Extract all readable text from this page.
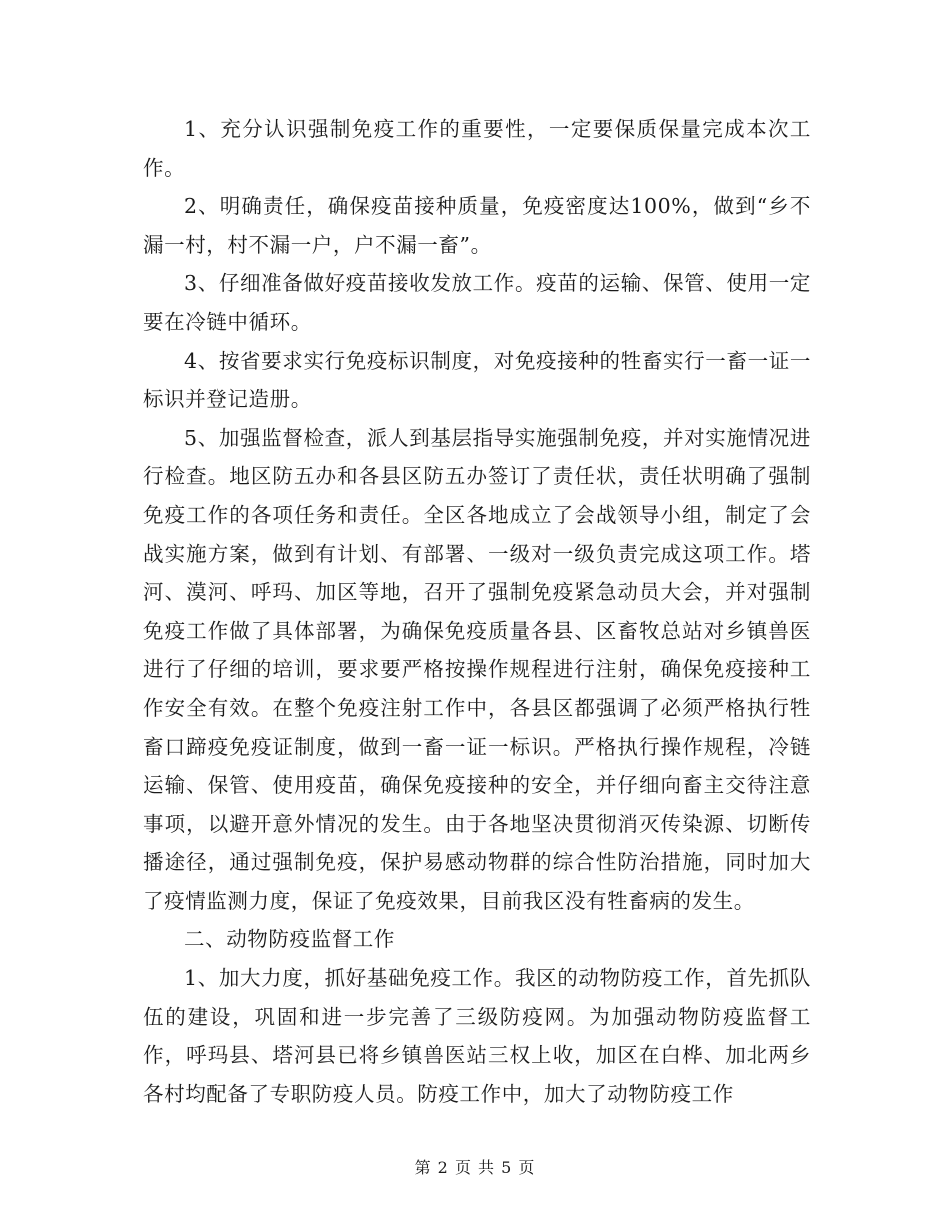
1、充分认识强制免疫工作的重要性，一定要保质保量完成本次工作。

2、明确责任，确保疫苗接种质量，免疫密度达100%，做到“乡不漏一村，村不漏一户，户不漏一畜”。

3、仔细准备做好疫苗接收发放工作。疫苗的运输、保管、使用一定要在冷链中循环。

4、按省要求实行免疫标识制度，对免疫接种的牲畜实行一畜一证一标识并登记造册。

5、加强监督检查，派人到基层指导实施强制免疫，并对实施情况进行检查。地区防五办和各县区防五办签订了责任状，责任状明确了强制免疫工作的各项任务和责任。全区各地成立了会战领导小组，制定了会战实施方案，做到有计划、有部署、一级对一级负责完成这项工作。塔河、漠河、呼玛、加区等地，召开了强制免疫紧急动员大会，并对强制免疫工作做了具体部署，为确保免疫质量各县、区畜牧总站对乡镇兽医进行了仔细的培训，要求要严格按操作规程进行注射，确保免疫接种工作安全有效。在整个免疫注射工作中，各县区都强调了必须严格执行牲畜口蹄疫免疫证制度，做到一畜一证一标识。严格执行操作规程，冷链运输、保管、使用疫苗，确保免疫接种的安全，并仔细向畜主交待注意事项，以避开意外情况的发生。由于各地坚决贯彻消灭传染源、切断传播途径，通过强制免疫，保护易感动物群的综合性防治措施，同时加大了疫情监测力度，保证了免疫效果，目前我区没有牲畜病的发生。

二、动物防疫监督工作

1、加大力度，抓好基础免疫工作。我区的动物防疫工作，首先抓队伍的建设，巩固和进一步完善了三级防疫网。为加强动物防疫监督工作，呼玛县、塔河县已将乡镇兽医站三权上收，加区在白桦、加北两乡各村均配备了专职防疫人员。防疫工作中，加大了动物防疫工作

第 2 页 共 5 页
